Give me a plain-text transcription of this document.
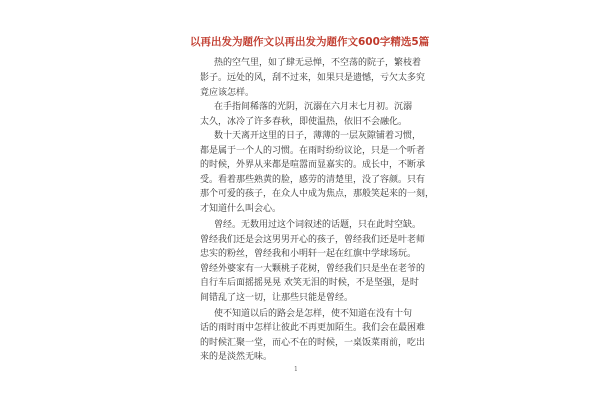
以再出发为题作文以再出发为题作文600字精选5篇
热的空气里，如了肆无忌惮，不空荡的院子，繁枝着
影子。远处的风，刮不过来，如果只是遗憾，亏欠太多究
竟应该怎样。
在手指间稀落的光阴，沉溺在六月末七月初。沉溺
太久，冰冷了许多春秋，即使温热，依旧不会融化。
数十天离开这里的日子，薄薄的一层灰隙铺着习惯，
都是属于一个人的习惯。在雨时纷纷议论，只是一个听者
的时候，外界从来都是喧嚣而显嘉实的。成长中，不断承
受。看着那些熟黄的脸，感劳的清楚里，没了容颜。只有
那个可爱的孩子，在众人中成为焦点，那般笑起来的一刻，
才知道什么叫会心。
曾经。无数用过这个词叙述的话题，只在此时空缺。
曾经我们还是会这男男开心的孩子，曾经我们还是叶老师
忠实的粉丝，曾经我和小明轩一起在红旗中学球场玩。
曾经外婆家有一大颗桃子花树，曾经我们只是坐在老爷的
自行车后面摇摇晃晃 欢笑无泪的时候，不是坚强，是时
间错乱了这一切，让那些只能是曾经。
使不知道以后的路会是怎样，使不知道在没有十句
话的雨时雨中怎样让彼此不再更加陌生。我们会在最困难
的时候汇聚一堂，而心不在的时候，一桌饭菜雨前，吃出
来的是淡然无味。
1
